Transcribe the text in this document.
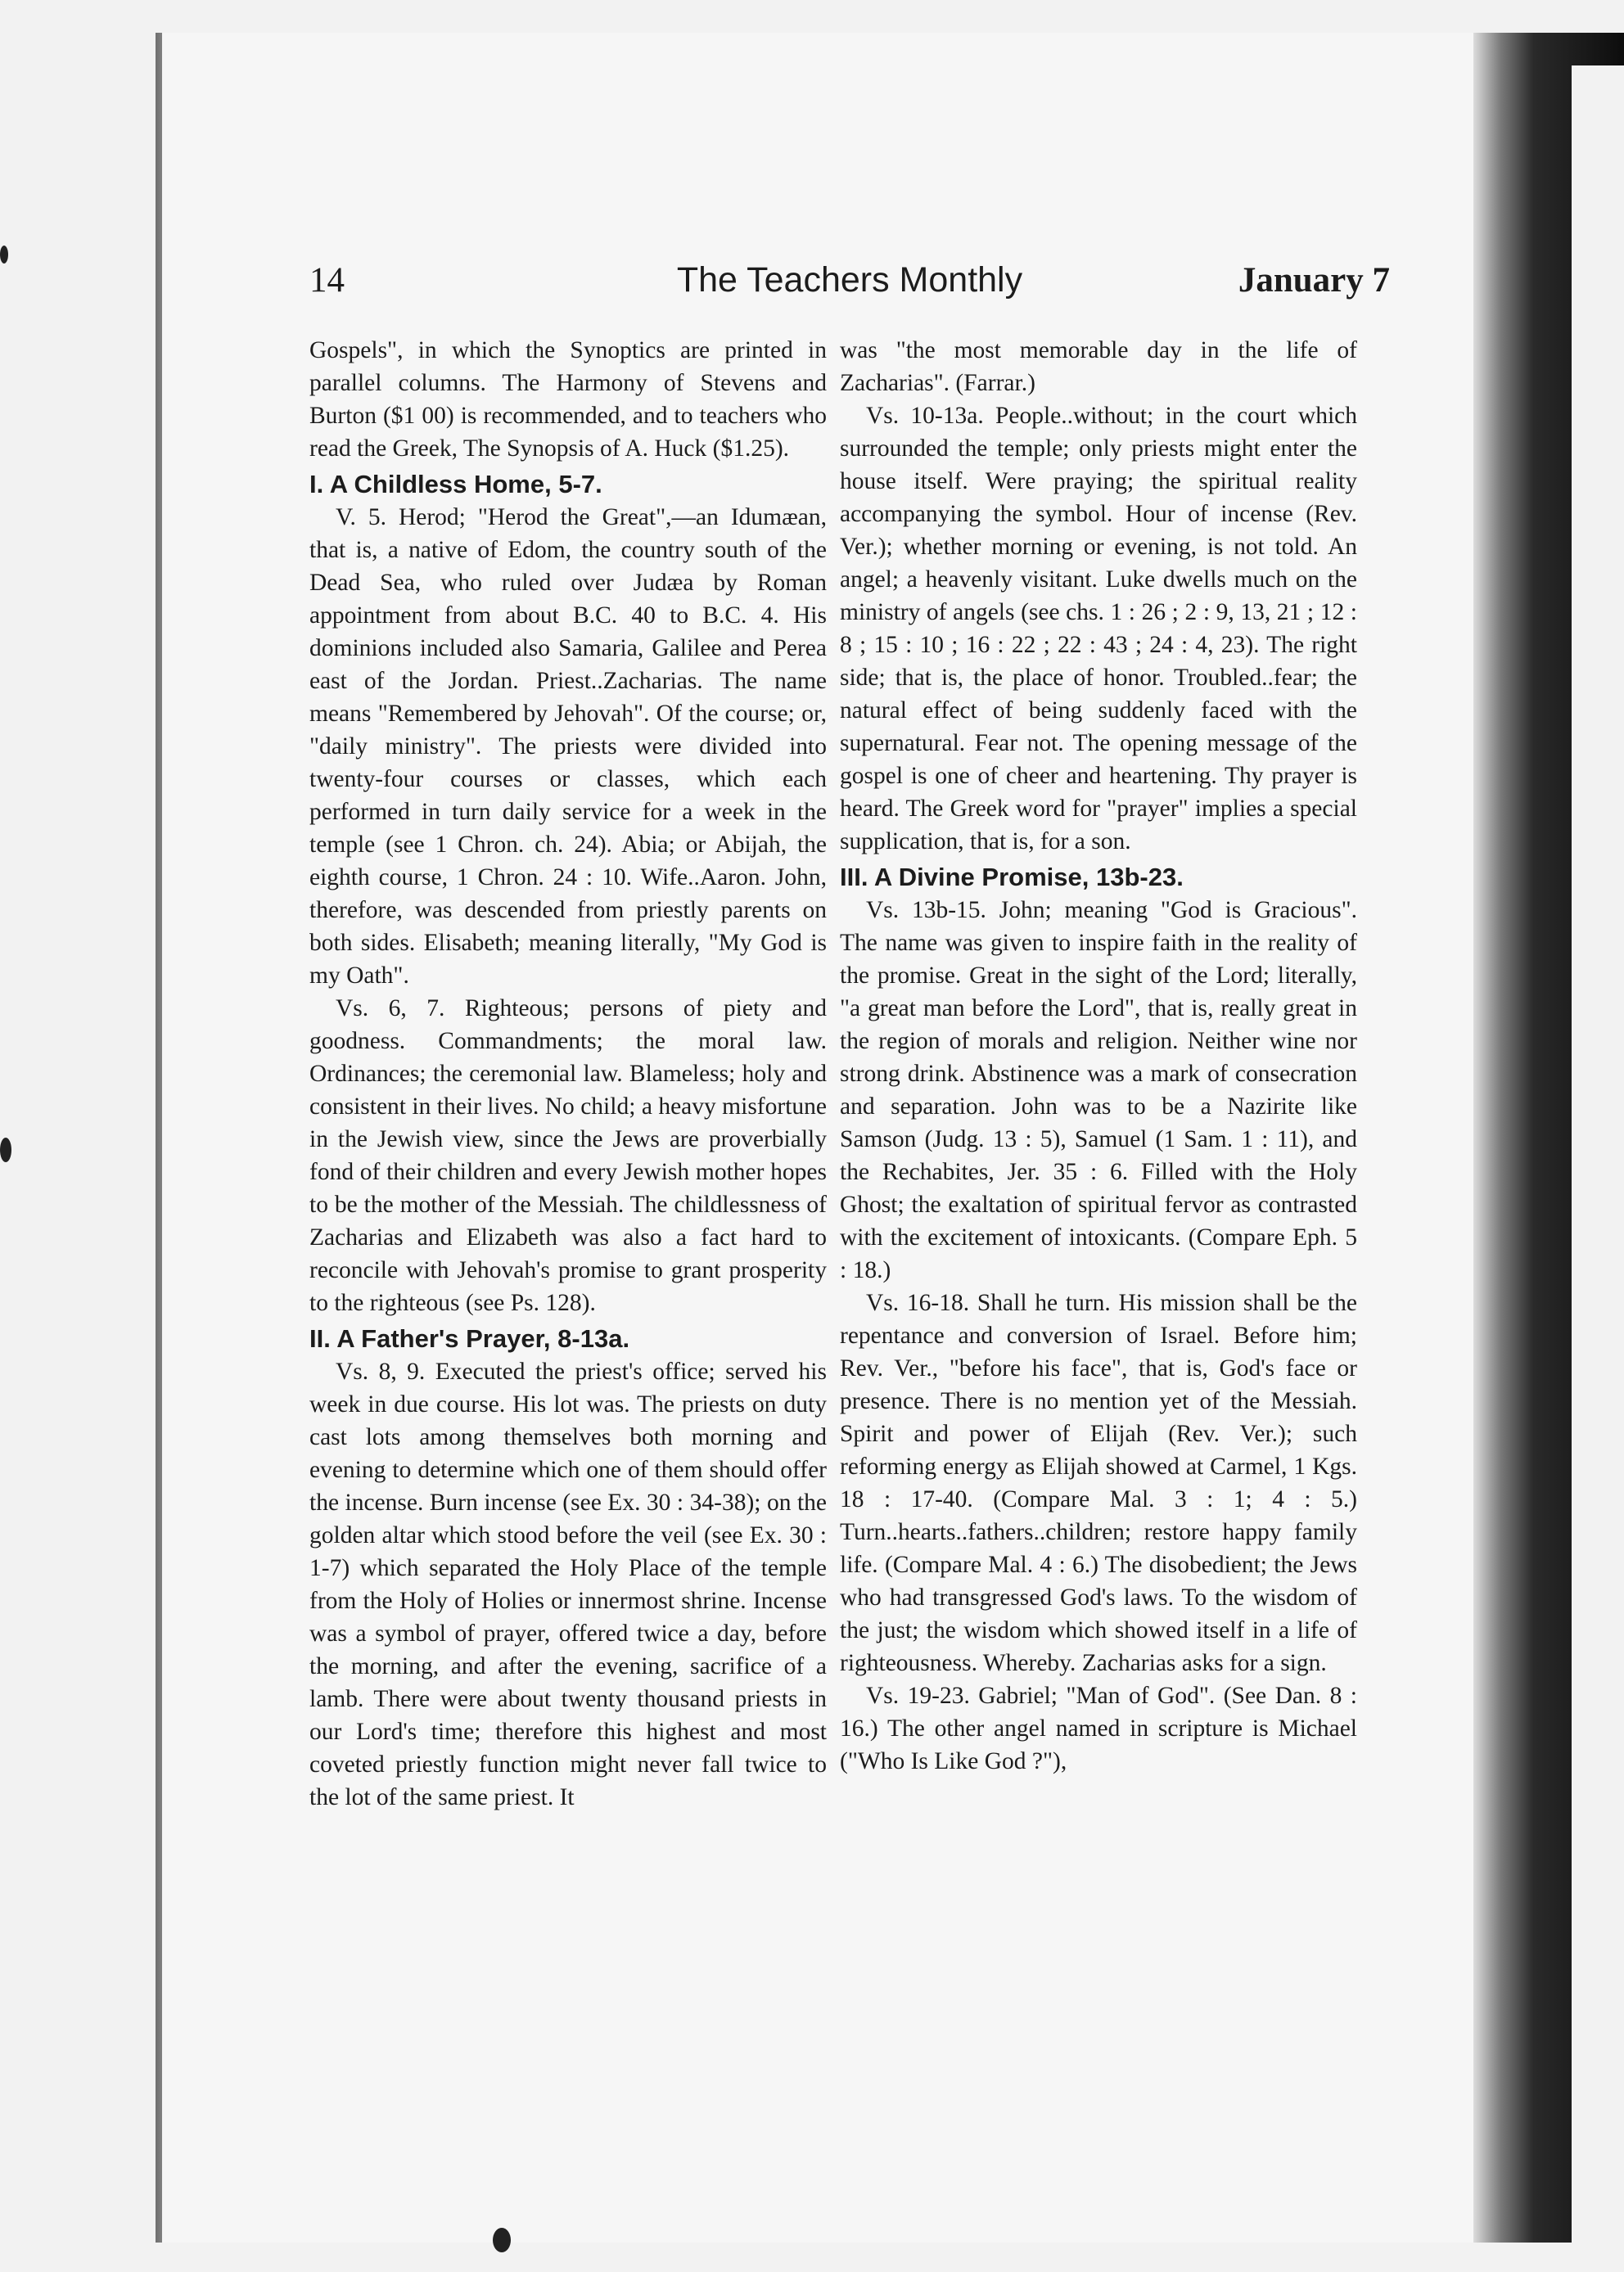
14	The Teachers Monthly	January 7

Gospels", in which the Synoptics are printed in parallel columns. The Harmony of Stevens and Burton ($1 00) is recommended, and to teachers who read the Greek, The Synopsis of A. Huck ($1.25).

I. A Childless Home, 5-7.

V. 5. Herod; "Herod the Great",—an Idumæan, that is, a native of Edom, the country south of the Dead Sea, who ruled over Judæa by Roman appointment from about B.C. 40 to B.C. 4. His dominions included also Samaria, Galilee and Perea east of the Jordan. Priest..Zacharias. The name means "Remembered by Jehovah". Of the course; or, "daily ministry". The priests were divided into twenty-four courses or classes, which each performed in turn daily service for a week in the temple (see 1 Chron. ch. 24). Abia; or Abijah, the eighth course, 1 Chron. 24 : 10. Wife..Aaron. John, therefore, was descended from priestly parents on both sides. Elisabeth; meaning literally, "My God is my Oath".

Vs. 6, 7. Righteous; persons of piety and goodness. Commandments; the moral law. Ordinances; the ceremonial law. Blameless; holy and consistent in their lives. No child; a heavy misfortune in the Jewish view, since the Jews are proverbially fond of their children and every Jewish mother hopes to be the mother of the Messiah. The childlessness of Zacharias and Elizabeth was also a fact hard to reconcile with Jehovah's promise to grant prosperity to the righteous (see Ps. 128).

II. A Father's Prayer, 8-13a.

Vs. 8, 9. Executed the priest's office; served his week in due course. His lot was. The priests on duty cast lots among themselves both morning and evening to determine which one of them should offer the incense. Burn incense (see Ex. 30 : 34-38); on the golden altar which stood before the veil (see Ex. 30 : 1-7) which separated the Holy Place of the temple from the Holy of Holies or innermost shrine. Incense was a symbol of prayer, offered twice a day, before the morning, and after the evening, sacrifice of a lamb. There were about twenty thousand priests in our Lord's time; therefore this highest and most coveted priestly function might never fall twice to the lot of the same priest. It

was "the most memorable day in the life of Zacharias". (Farrar.)

Vs. 10-13a. People..without; in the court which surrounded the temple; only priests might enter the house itself. Were praying; the spiritual reality accompanying the symbol. Hour of incense (Rev. Ver.); whether morning or evening, is not told. An angel; a heavenly visitant. Luke dwells much on the ministry of angels (see chs. 1 : 26 ; 2 : 9, 13, 21 ; 12 : 8 ; 15 : 10 ; 16 : 22 ; 22 : 43 ; 24 : 4, 23). The right side; that is, the place of honor. Troubled..fear; the natural effect of being suddenly faced with the supernatural. Fear not. The opening message of the gospel is one of cheer and heartening. Thy prayer is heard. The Greek word for "prayer" implies a special supplication, that is, for a son.

III. A Divine Promise, 13b-23.

Vs. 13b-15. John; meaning "God is Gracious". The name was given to inspire faith in the reality of the promise. Great in the sight of the Lord; literally, "a great man before the Lord", that is, really great in the region of morals and religion. Neither wine nor strong drink. Abstinence was a mark of consecration and separation. John was to be a Nazirite like Samson (Judg. 13 : 5), Samuel (1 Sam. 1 : 11), and the Rechabites, Jer. 35 : 6. Filled with the Holy Ghost; the exaltation of spiritual fervor as contrasted with the excitement of intoxicants. (Compare Eph. 5 : 18.)

Vs. 16-18. Shall he turn. His mission shall be the repentance and conversion of Israel. Before him; Rev. Ver., "before his face", that is, God's face or presence. There is no mention yet of the Messiah. Spirit and power of Elijah (Rev. Ver.); such reforming energy as Elijah showed at Carmel, 1 Kgs. 18 : 17-40. (Compare Mal. 3 : 1; 4 : 5.) Turn..hearts..fathers..children; restore happy family life. (Compare Mal. 4 : 6.) The disobedient; the Jews who had transgressed God's laws. To the wisdom of the just; the wisdom which showed itself in a life of righteousness. Whereby. Zacharias asks for a sign.

Vs. 19-23. Gabriel; "Man of God". (See Dan. 8 : 16.) The other angel named in scripture is Michael ("Who Is Like God ?"),
